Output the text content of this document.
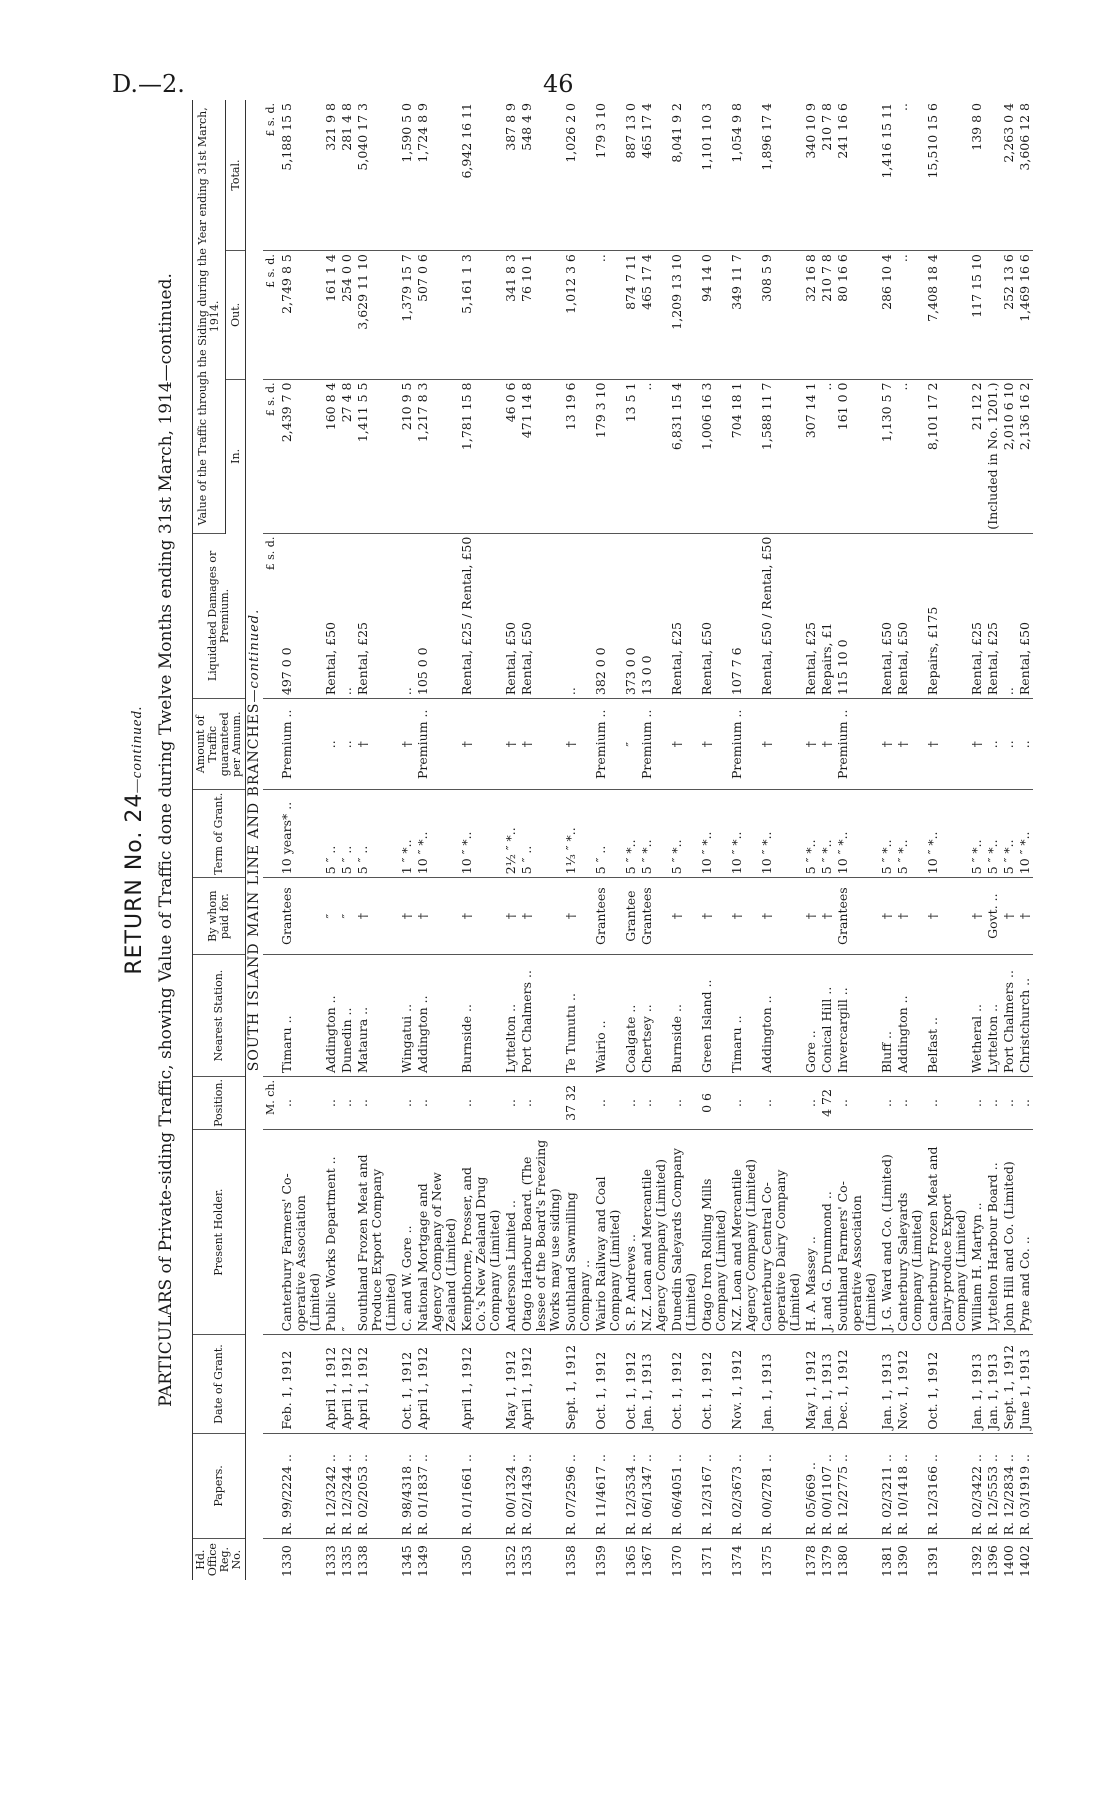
D.—2.	46
RETURN No. 24—continued. PARTICULARS of Private-siding Traffic, showing Value of Traffic done during Twelve Months ending 31st March, 1914—continued.
Hd. Office Reg. No.	Papers.	Date of Grant.	Present Holder.	Position.	Nearest Station.	By whom paid for.	Term of Grant.	Amount of Traffic guaranteed per Annum.	Liquidated Damages or Premium.	Value of the Traffic through the Siding during the Year ending 31st March, 1914.		
										In.	Out.	Total.
SOUTH ISLAND MAIN LINE AND BRANCHES—continued.												
				M. ch.					£ s. d.	£ s. d.	£ s. d.	£ s. d.
1330	R. 99/2224 ..	Feb. 1, 1912	Canterbury Farmers' Co-operative Association (Limited)	..	Timaru ..	Grantees	10 years* ..	Premium ..	497 0 0	2,439 7 0	2,749 8 5	5,188 15 5
1333	R. 12/3242 ..	April 1, 1912	Public Works Department ..	..	Addington ..	″	5 ″ ..	..	Rental, £50	160 8 4	161 1 4	321 9 8
1335	R. 12/3244 ..	April 1, 1912	″	..	Dunedin ..	″	5 ″ ..	..	..	27 4 8	254 0 0	281 4 8
1338	R. 02/2053 ..	April 1, 1912	Southland Frozen Meat and Produce Export Company (Limited)	..	Mataura ..	†	5 ″ ..	†	Rental, £25	1,411 5 5	3,629 11 10	5,040 17 3
1345	R. 98/4318 ..	Oct. 1, 1912	C. and W. Gore ..	..	Wingatui ..	†	1 ″ *..	†	..	210 9 5	1,379 15 7	1,590 5 0
1349	R. 01/1837 ..	April 1, 1912	National Mortgage and Agency Company of New Zealand (Limited)	..	Addington ..	†	10 ″ *..	Premium ..	105 0 0	1,217 8 3	507 0 6	1,724 8 9
1350	R. 01/1661 ..	April 1, 1912	Kempthorne, Prosser, and Co.'s New Zealand Drug Company (Limited)	..	Burnside ..	†	10 ″ *..	†	Rental, £25 / Rental, £50	1,781 15 8	5,161 1 3	6,942 16 11
1352	R. 00/1324 ..	May 1, 1912	Andersons Limited ..	..	Lyttelton ..	†	2½ ″ *..	†	Rental, £50	46 0 6	341 8 3	387 8 9
1353	R. 02/1439 ..	April 1, 1912	Otago Harbour Board. (The lessee of the Board's Freezing Works may use siding)	..	Port Chalmers ..	†	5 ″ ..	†	Rental, £50	471 14 8	76 10 1	548 4 9
1358	R. 07/2596 ..	Sept. 1, 1912	Southland Sawmilling Company ..	37 32	Te Tumutu ..	†	1⅓ ″ *..	†	..	13 19 6	1,012 3 6	1,026 2 0
1359	R. 11/4617 ..	Oct. 1, 1912	Wairio Railway and Coal Company (Limited)	..	Wairio ..	Grantees	5 ″ ..	Premium ..	382 0 0	179 3 10	..	179 3 10
1365	R. 12/3534 ..	Oct. 1, 1912	S. P. Andrews ..	..	Coalgate ..	Grantee	5 ″ *..	″	373 0 0	13 5 1	874 7 11	887 13 0
1367	R. 06/1347 ..	Jan. 1, 1913	N.Z. Loan and Mercantile Agency Company (Limited)	..	Chertsey ..	Grantees	5 ″ *..	Premium ..	13 0 0	..	465 17 4	465 17 4
1370	R. 06/4051 ..	Oct. 1, 1912	Dunedin Saleyards Company (Limited)	..	Burnside ..	†	5 ″ *..	†	Rental, £25	6,831 15 4	1,209 13 10	8,041 9 2
1371	R. 12/3167 ..	Oct. 1, 1912	Otago Iron Rolling Mills Company (Limited)	0 6	Green Island ..	†	10 ″ *..	†	Rental, £50	1,006 16 3	94 14 0	1,101 10 3
1374	R. 02/3673 ..	Nov. 1, 1912	N.Z. Loan and Mercantile Agency Company (Limited)	..	Timaru ..	†	10 ″ *..	Premium ..	107 7 6	704 18 1	349 11 7	1,054 9 8
1375	R. 00/2781 ..	Jan. 1, 1913	Canterbury Central Co-operative Dairy Company (Limited)	..	Addington ..	†	10 ″ *..	†	Rental, £50 / Rental, £50	1,588 11 7	308 5 9	1,896 17 4
1378	R. 05/669 ..	May 1, 1912	H. A. Massey ..	..	Gore ..	†	5 ″ *..	†	Rental, £25	307 14 1	32 16 8	340 10 9
1379	R. 00/1107 ..	Jan. 1, 1913	J. and G. Drummond ..	4 72	Conical Hill ..	†	5 ″ *..	†	Repairs, £1	..	210 7 8	210 7 8
1380	R. 12/2775 ..	Dec. 1, 1912	Southland Farmers' Co-operative Association (Limited)	..	Invercargill ..	Grantees	10 ″ *..	Premium ..	115 10 0	161 0 0	80 16 6	241 16 6
1381	R. 02/3211 ..	Jan. 1, 1913	J. G. Ward and Co. (Limited)	..	Bluff ..	†	5 ″ *..	†	Rental, £50	1,130 5 7	286 10 4	1,416 15 11
1390	R. 10/1418 ..	Nov. 1, 1912	Canterbury Saleyards Company (Limited)	..	Addington ..	†	5 ″ *..	†	Rental, £50	..	..	..
1391	R. 12/3166 ..	Oct. 1, 1912	Canterbury Frozen Meat and Dairy-produce Export Company (Limited)	..	Belfast ..	†	10 ″ *..	†	Repairs, £175	8,101 17 2	7,408 18 4	15,510 15 6
1392	R. 02/3422 ..	Jan. 1, 1913	William H. Martyn ..	..	Wetheral ..	†	5 ″ *..	†	Rental, £25	21 12 2	117 15 10	139 8 0
1396	R. 12/5553 ..	Jan. 1, 1913	Lyttelton Harbour Board ..	..	Lyttelton ..	Govt. ..	5 ″ *..	..	Rental, £25	(Included in No. 1201.)		
1400	R. 12/2834 ..	Sept. 1, 1912	John Hill and Co. (Limited)	..	Port Chalmers ..	†	5 ″ *..	..	..	2,010 6 10	252 13 6	2,263 0 4
1402	R. 03/1919 ..	June 1, 1913	Pyne and Co. ..	..	Christchurch ..	†	10 ″ *..	..	Rental, £50	2,136 16 2	1,469 16 6	3,606 12 8
